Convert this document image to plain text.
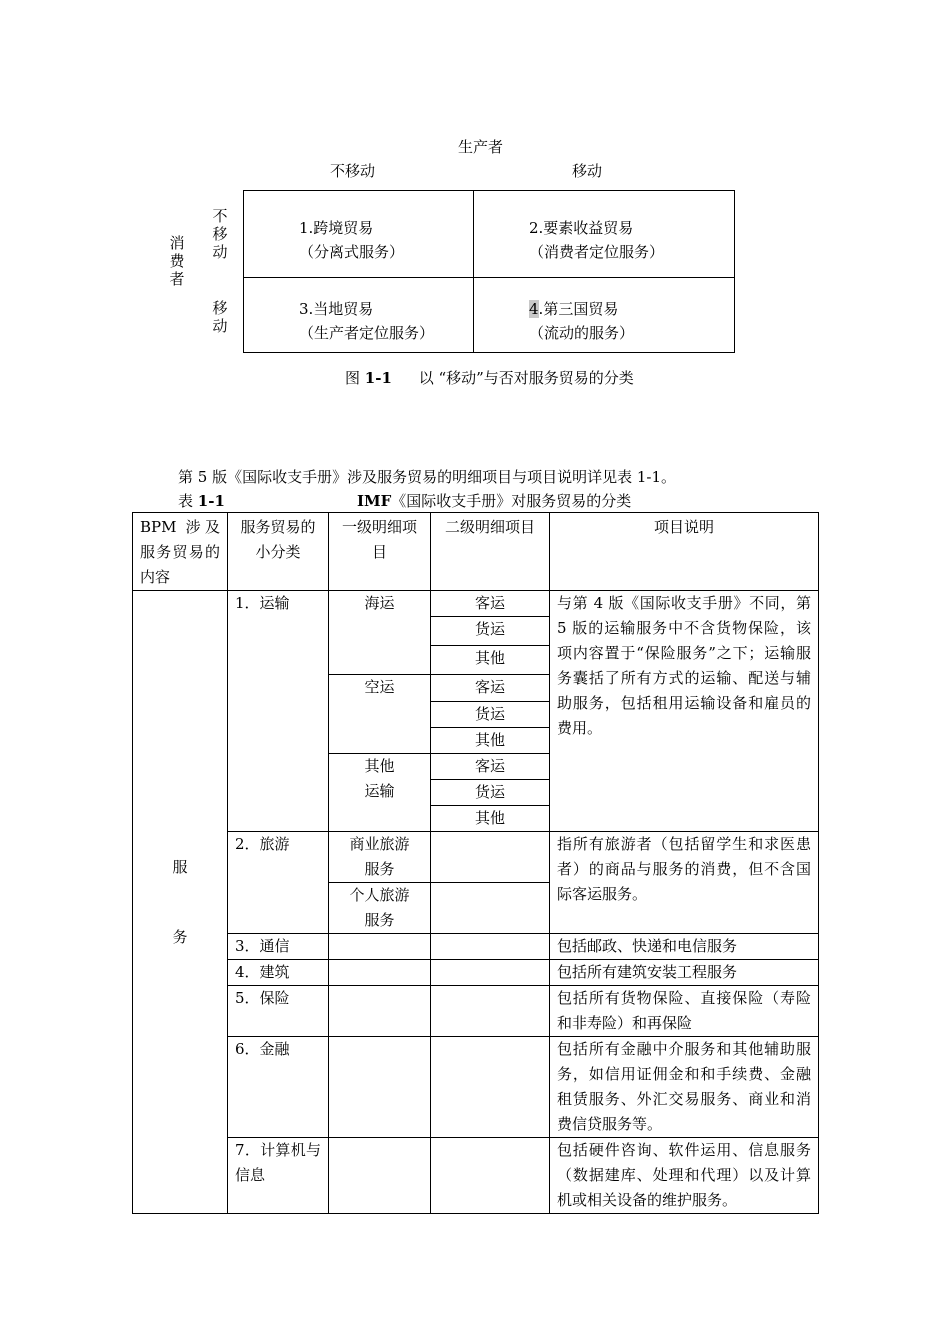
生产者
不移动	移动
消费者
不移动
移动
1.跨境贸易
（分离式服务）
2.要素收益贸易
（消费者定位服务）
3.当地贸易
（生产者定位服务）
4.第三国贸易
（流动的服务）
图 1-1 以 “移动”与否对服务贸易的分类
第 5 版《国际收支手册》涉及服务贸易的明细项目与项目说明详见表 1-1。
表 1-1	IMF《国际收支手册》对服务贸易的分类
BPM 涉及服务贸易的内容	服务贸易的小分类	一级明细项目	二级明细项目	项目说明

服务	1．运输	海运	客运	与第 4 版《国际收支手册》不同，第 5 版的运输服务中不含货物保险，该项内容置于“保险服务”之下；运输服务囊括了所有方式的运输、配送与辅助服务，包括租用运输设备和雇员的费用。
			货运	
			其他	
		空运	客运	
			货运	
			其他	

		其他运输	客运	
			货运	
			其他	
	2．旅游	商业旅游服务		指所有旅游者（包括留学生和求医患者）的商品与服务的消费，但不含国际客运服务。

		个人旅游服务		

	3．通信			包括邮政、快递和电信服务
	4．建筑			包括所有建筑安装工程服务
	5．保险			包括所有货物保险、直接保险（寿险和非寿险）和再保险
	6．金融			包括所有金融中介服务和其他辅助服务，如信用证佣金和和手续费、金融租赁服务、外汇交易服务、商业和消费信贷服务等。
	7．计算机与信息			包括硬件咨询、软件运用、信息服务（数据建库、处理和代理）以及计算机或相关设备的维护服务。
